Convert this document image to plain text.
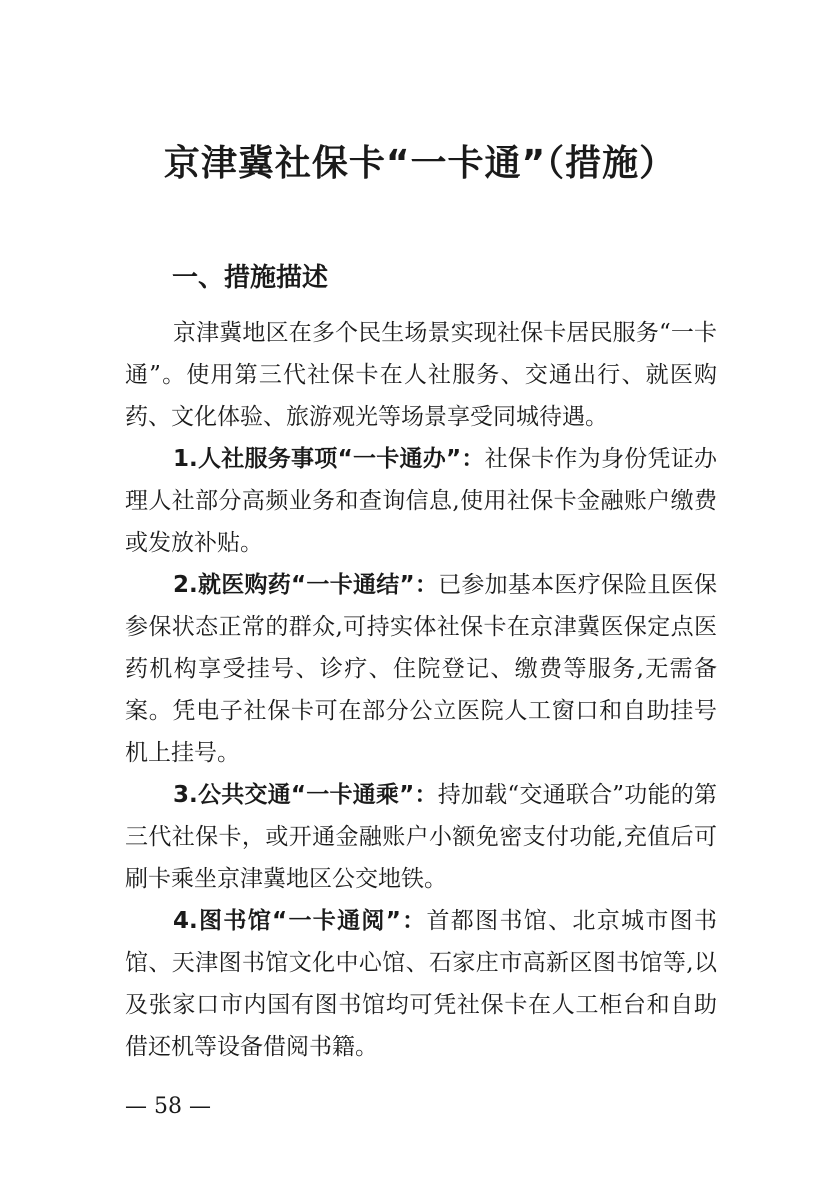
京津冀社保卡“一卡通”（措施）
一、措施描述

京津冀地区在多个民生场景实现社保卡居民服务“一卡通”。使用第三代社保卡在人社服务、交通出行、就医购药、文化体验、旅游观光等场景享受同城待遇。

1.人社服务事项“一卡通办”：社保卡作为身份凭证办理人社部分高频业务和查询信息,使用社保卡金融账户缴费或发放补贴。

2.就医购药“一卡通结”：已参加基本医疗保险且医保参保状态正常的群众,可持实体社保卡在京津冀医保定点医药机构享受挂号、诊疗、住院登记、缴费等服务,无需备案。凭电子社保卡可在部分公立医院人工窗口和自助挂号机上挂号。

3.公共交通“一卡通乘”：持加载“交通联合”功能的第三代社保卡，或开通金融账户小额免密支付功能,充值后可刷卡乘坐京津冀地区公交地铁。

4.图书馆“一卡通阅”：首都图书馆、北京城市图书馆、天津图书馆文化中心馆、石家庄市高新区图书馆等,以及张家口市内国有图书馆均可凭社保卡在人工柜台和自助借还机等设备借阅书籍。

— 58 —
